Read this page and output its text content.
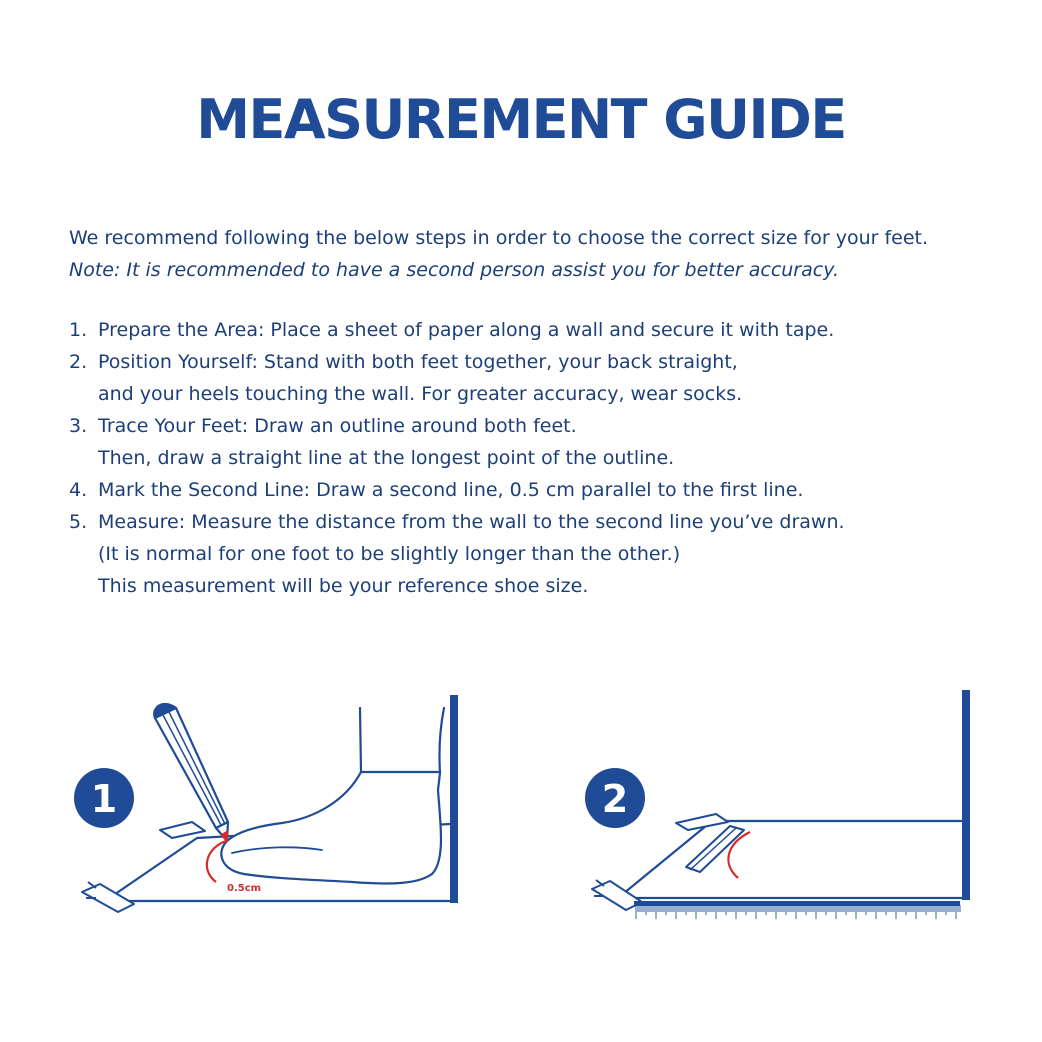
MEASUREMENT GUIDE
We recommend following the below steps in order to choose the correct size for your feet.
Note: It is recommended to have a second person assist you for better accuracy.
1. Prepare the Area: Place a sheet of paper along a wall and secure it with tape.
2. Position Yourself: Stand with both feet together, your back straight,
and your heels touching the wall. For greater accuracy, wear socks.
3. Trace Your Feet: Draw an outline around both feet.
Then, draw a straight line at the longest point of the outline.
4. Mark the Second Line: Draw a second line, 0.5 cm parallel to the first line.
5. Measure: Measure the distance from the wall to the second line you’ve drawn.
(It is normal for one foot to be slightly longer than the other.)
This measurement will be your reference shoe size.
1
0.5cm
2
